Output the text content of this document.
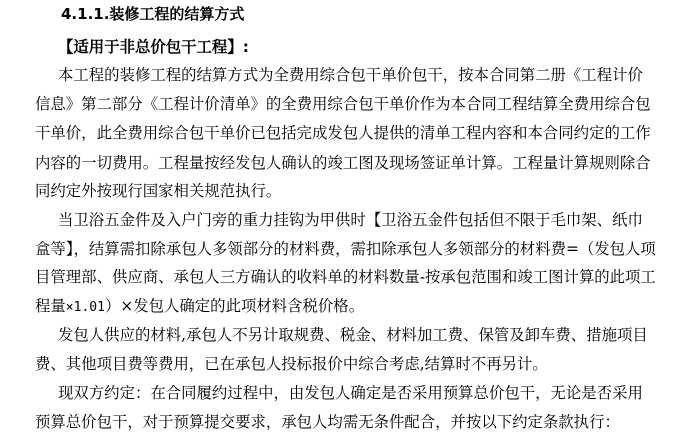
4.1.1.装修工程的结算方式
【适用于非总价包干工程】:
本工程的装修工程的结算方式为全费用综合包干单价包干，按本合同第二册《工程计价
信息》第二部分《工程计价清单》的全费用综合包干单价作为本合同工程结算全费用综合包
干单价，此全费用综合包干单价已包括完成发包人提供的清单工程内容和本合同约定的工作
内容的一切费用。工程量按经发包人确认的竣工图及现场签证单计算。工程量计算规则除合
同约定外按现行国家相关规范执行。
当卫浴五金件及入户门旁的重力挂钩为甲供时【卫浴五金件包括但不限于毛巾架、纸巾
盒等】，结算需扣除承包人多领部分的材料费，需扣除承包人多领部分的材料费=（发包人项
目管理部、供应商、承包人三方确认的收料单的材料数量-按承包范围和竣工图计算的此项工
程量×1.01）×发包人确定的此项材料含税价格。
发包人供应的材料,承包人不另计取规费、税金、材料加工费、保管及卸车费、措施项目
费、其他项目费等费用，已在承包人投标报价中综合考虑,结算时不再另计。
现双方约定：在合同履约过程中，由发包人确定是否采用预算总价包干，无论是否采用
预算总价包干，对于预算提交要求，承包人均需无条件配合，并按以下约定条款执行：
